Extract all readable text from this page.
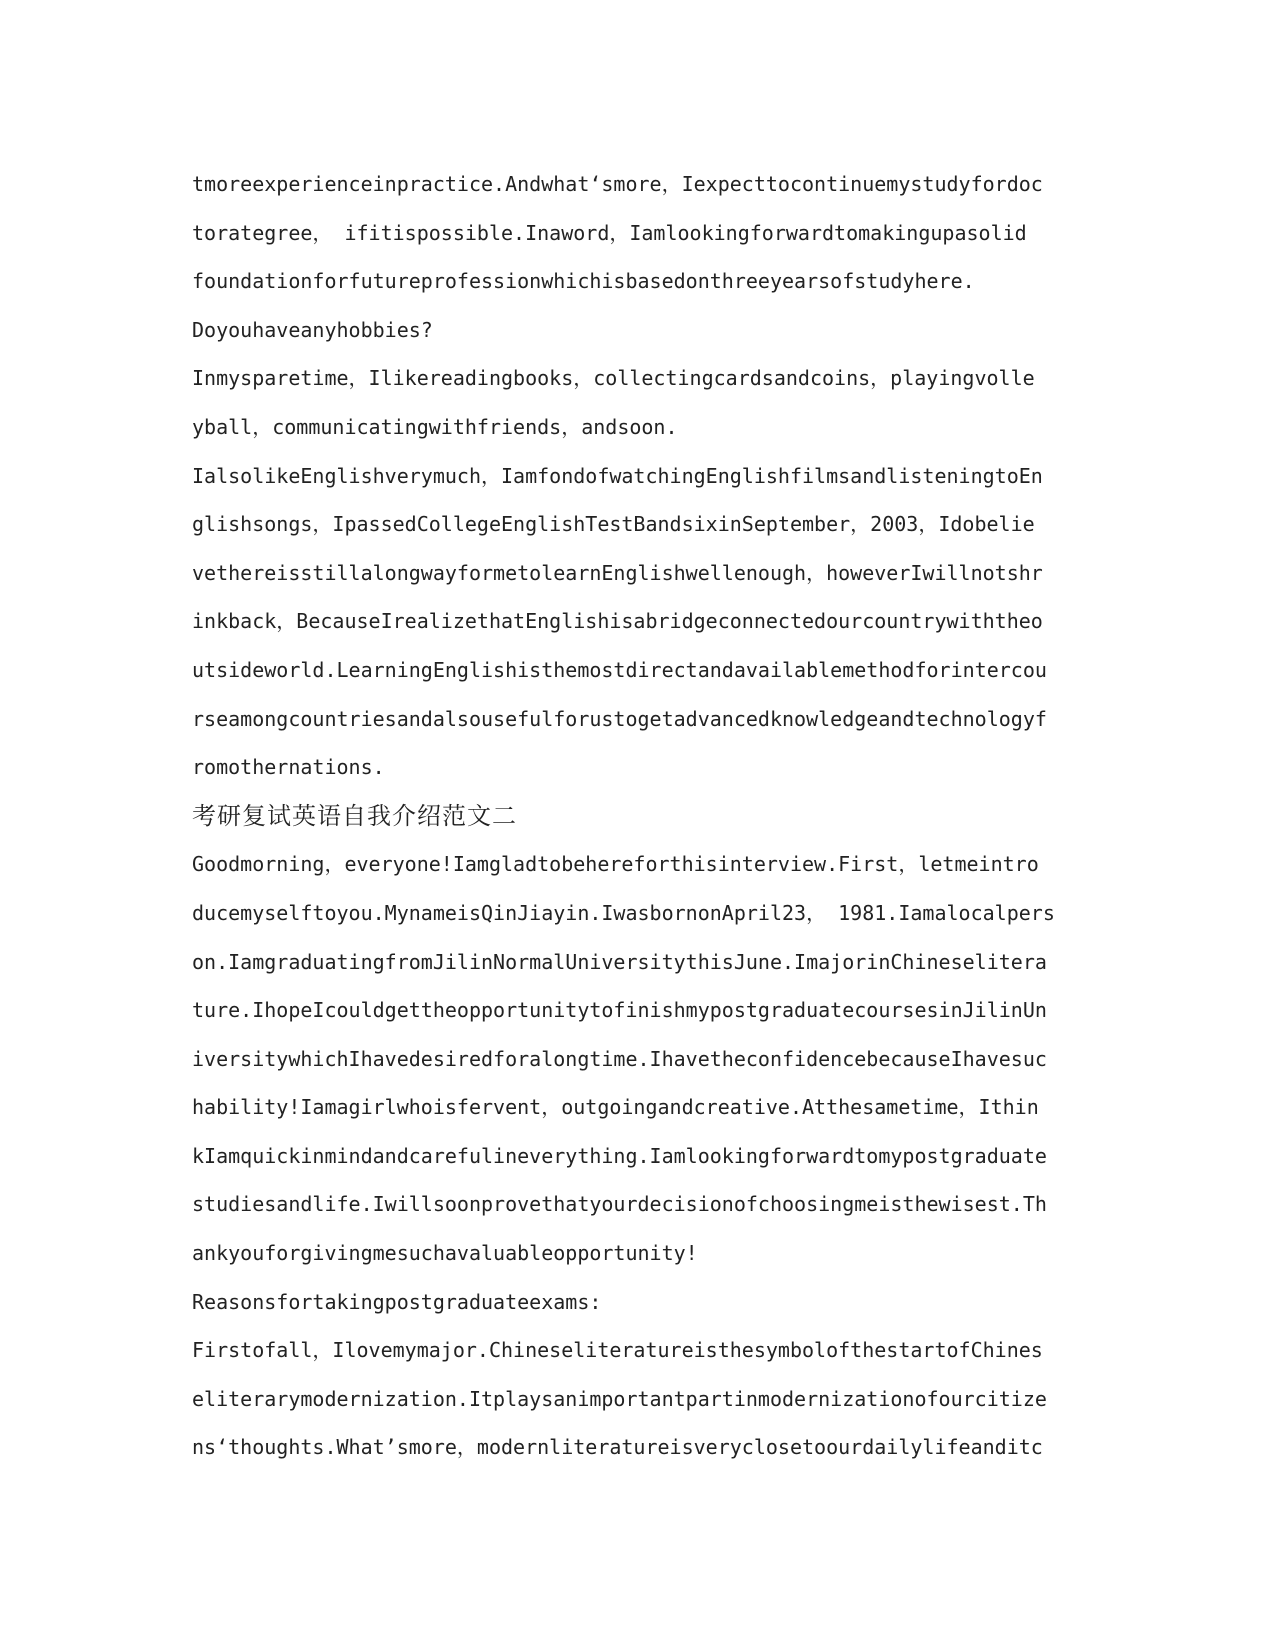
tmoreexperienceinpractice.Andwhat‘smore，Iexpecttocontinuemystudyfordoc
torategree， ifitispossible.Inaword，Iamlookingforwardtomakingupasolid
foundationforfutureprofessionwhichisbasedonthreeyearsofstudyhere.
Doyouhaveanyhobbies?
Inmysparetime，Ilikereadingbooks，collectingcardsandcoins，playingvolle
yball，communicatingwithfriends，andsoon.
IalsolikeEnglishverymuch，IamfondofwatchingEnglishfilmsandlisteningtoEn
glishsongs，IpassedCollegeEnglishTestBandsixinSeptember，2003，Idobelie
vethereisstillalongwayformetolearnEnglishwellenough，howeverIwillnotshr
inkback，BecauseIrealizethatEnglishisabridgeconnectedourcountrywiththeo
utsideworld.LearningEnglishisthemostdirectandavailablemethodforintercou
rseamongcountriesandalsousefulforustogetadvancedknowledgeandtechnologyf
romothernations.
考研复试英语自我介绍范文二
Goodmorning，everyone!Iamgladtobehereforthisinterview.First，letmeintro
ducemyselftoyou.MynameisQinJiayin.IwasbornonApril23， 1981.Iamalocalpers
on.IamgraduatingfromJilinNormalUniversitythisJune.ImajorinChineselitera
ture.IhopeIcouldgettheopportunitytofinishmypostgraduatecoursesinJilinUn
iversitywhichIhavedesiredforalongtime.IhavetheconfidencebecauseIhavesuc
hability!Iamagirlwhoisfervent，outgoingandcreative.Atthesametime，Ithin
kIamquickinmindandcarefulineverything.Iamlookingforwardtomypostgraduate
studiesandlife.Iwillsoonprovethatyourdecisionofchoosingmeisthewisest.Th
ankyouforgivingmesuchavaluableopportunity!
Reasonsfortakingpostgraduateexams:
Firstofall，Ilovemymajor.ChineseliteratureisthesymbolofthestartofChines
eliterarymodernization.Itplaysanimportantpartinmodernizationofourcitize
ns‘thoughts.What’smore，modernliteratureisveryclosetoourdailylifeanditc
